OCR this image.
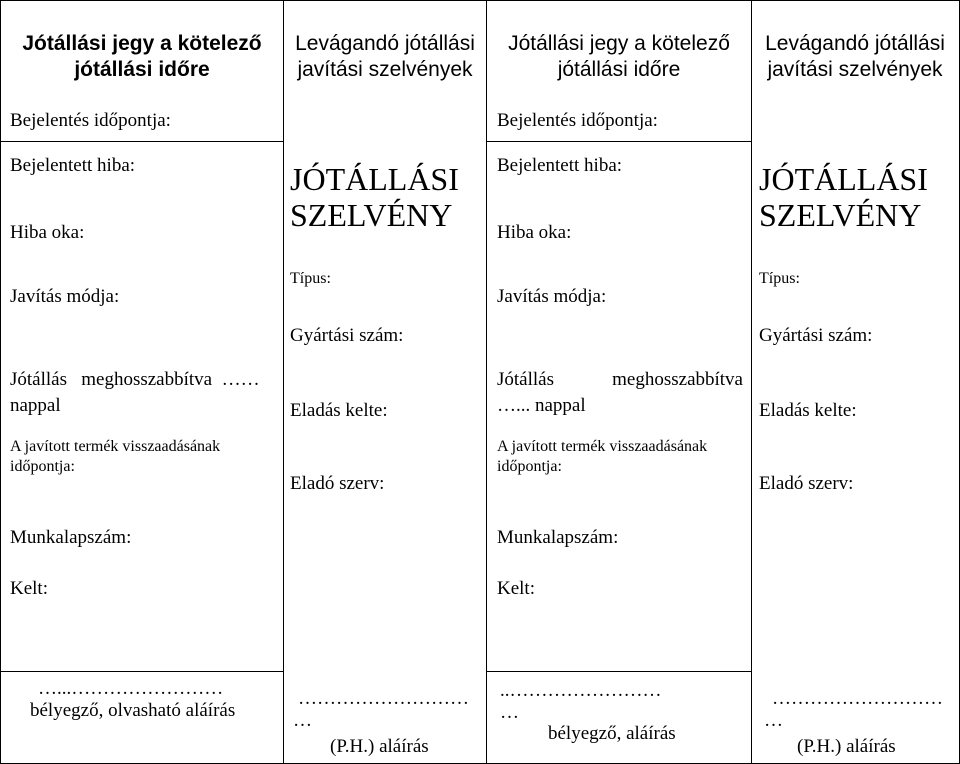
Jótállási jegy a kötelező jótállási időre
Bejelentés időpontja:
Bejelentett hiba:
Hiba oka:
Javítás módja:
Jótállás   meghosszabbítva  ……
nappal
A javított termék visszaadásának időpontja:
Munkalapszám:
Kelt:
…...……………………
bélyegző, olvasható aláírás
Levágandó jótállási javítási szelvények
JÓTÁLLÁSI SZELVÉNY
Típus:
Gyártási szám:
Eladás kelte:
Eladó szerv:
………………………
…
(P.H.) aláírás
Jótállási jegy a kötelező jótállási időre
Bejelentés időpontja:
Bejelentett hiba:
Hiba oka:
Javítás módja:
Jótállás meghosszabbítva
…... nappal
A javított termék visszaadásának időpontja:
Munkalapszám:
Kelt:
..……………………
…
bélyegző, aláírás
Levágandó jótállási javítási szelvények
JÓTÁLLÁSI SZELVÉNY
Típus:
Gyártási szám:
Eladás kelte:
Eladó szerv:
………………………
…
(P.H.) aláírás
